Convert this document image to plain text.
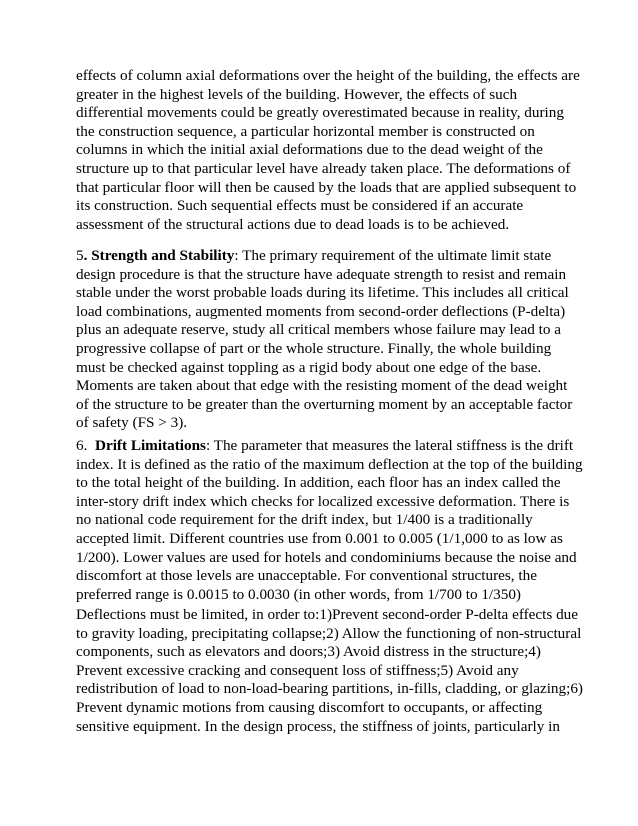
effects of column axial deformations over the height of the building, the effects are
greater in the highest levels of the building. However, the effects of such
differential movements could be greatly overestimated because in reality, during
the construction sequence, a particular horizontal member is constructed on
columns in which the initial axial deformations due to the dead weight of the
structure up to that particular level have already taken place. The deformations of
that particular floor will then be caused by the loads that are applied subsequent to
its construction. Such sequential effects must be considered if an accurate
assessment of the structural actions due to dead loads is to be achieved.

5. Strength and Stability: The primary requirement of the ultimate limit state
design procedure is that the structure have adequate strength to resist and remain
stable under the worst probable loads during its lifetime. This includes all critical
load combinations, augmented moments from second-order deflections (P-delta)
plus an adequate reserve, study all critical members whose failure may lead to a
progressive collapse of part or the whole structure. Finally, the whole building
must be checked against toppling as a rigid body about one edge of the base.
Moments are taken about that edge with the resisting moment of the dead weight
of the structure to be greater than the overturning moment by an acceptable factor
of safety (FS > 3).

6. Drift Limitations: The parameter that measures the lateral stiffness is the drift
index. It is defined as the ratio of the maximum deflection at the top of the building
to the total height of the building. In addition, each floor has an index called the
inter-story drift index which checks for localized excessive deformation. There is
no national code requirement for the drift index, but 1/400 is a traditionally
accepted limit. Different countries use from 0.001 to 0.005 (1/1,000 to as low as
1/200). Lower values are used for hotels and condominiums because the noise and
discomfort at those levels are unacceptable. For conventional structures, the
preferred range is 0.0015 to 0.0030 (in other words, from 1/700 to 1/350)

Deflections must be limited, in order to:1)Prevent second-order P-delta effects due
to gravity loading, precipitating collapse;2) Allow the functioning of non-structural
components, such as elevators and doors;3) Avoid distress in the structure;4)
Prevent excessive cracking and consequent loss of stiffness;5) Avoid any
redistribution of load to non-load-bearing partitions, in-fills, cladding, or glazing;6)
Prevent dynamic motions from causing discomfort to occupants, or affecting
sensitive equipment. In the design process, the stiffness of joints, particularly in
